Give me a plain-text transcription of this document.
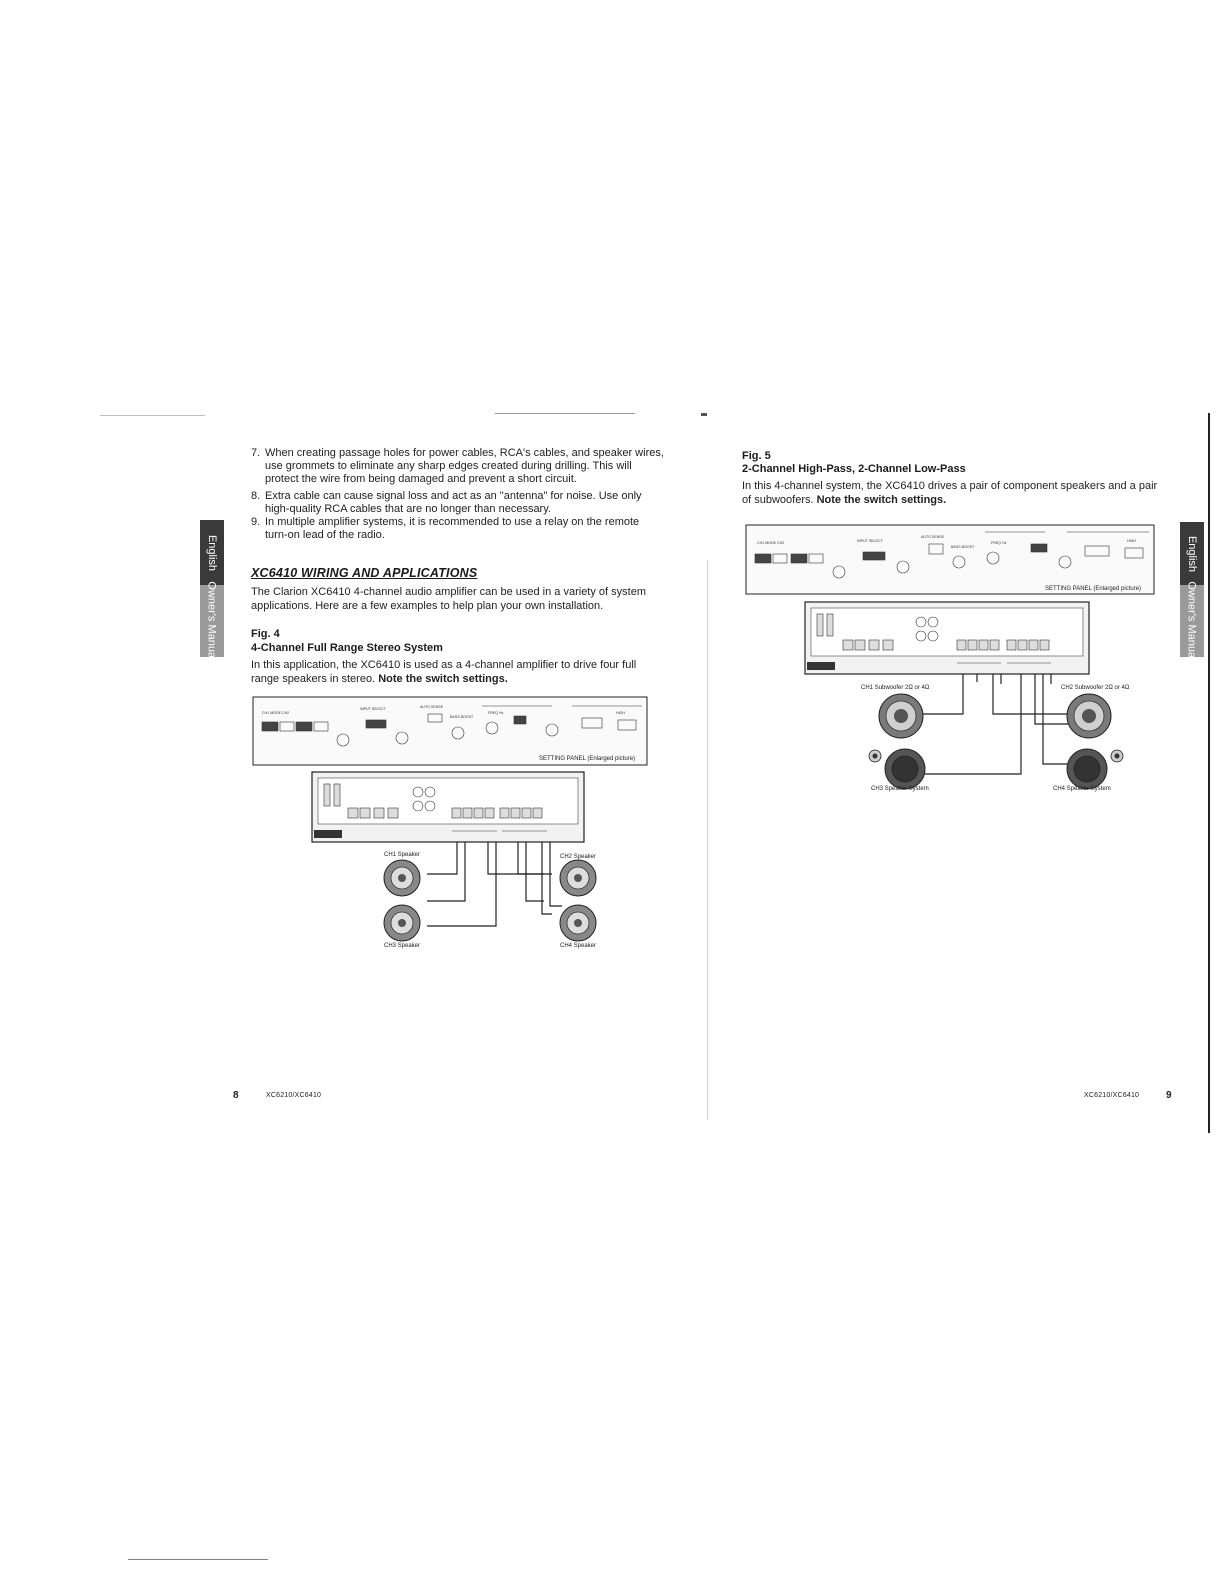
English
Owner's Manual
7. When creating passage holes for power cables, RCA's cables, and speaker wires,
use grommets to eliminate any sharp edges created during drilling. This will
protect the wire from being damaged and prevent a short circuit.
8. Extra cable can cause signal loss and act as an "antenna" for noise. Use only
high-quality RCA cables that are no longer than necessary.
9. In multiple amplifier systems, it is recommended to use a relay on the remote
turn-on lead of the radio.
XC6410 WIRING AND APPLICATIONS
The Clarion XC6410 4-channel audio amplifier can be used in a variety of system
applications. Here are a few examples to help plan your own installation.
Fig. 4
4-Channel Full Range Stereo System
In this application, the XC6410 is used as a 4-channel amplifier to drive four full
range speakers in stereo. Note the switch settings.
CH1 MODE CH2
INPUT SELECT	AUTO SENSE
BASS BOOST
FREQ Hz	HIGH
SETTING PANEL (Enlarged picture)
CH1 Speaker	CH2 Speaker
CH3 Speaker	CH4 Speaker
8	XC6210/XC6410
English
Owner's Manual
Fig. 5
2-Channel High-Pass, 2-Channel Low-Pass
In this 4-channel system, the XC6410 drives a pair of component speakers and a pair
of subwoofers. Note the switch settings.
CH1 MODE CH2	INPUT SELECT
AUTO SENSE
BASS BOOST
FREQ Hz	HIGH
SETTING PANEL (Enlarged picture)
CH1 Subwoofer 2Ω or 4Ω	CH2 Subwoofer 2Ω or 4Ω
CH3 Speaker System	CH4 Speaker System
XC6210/XC6410	9
